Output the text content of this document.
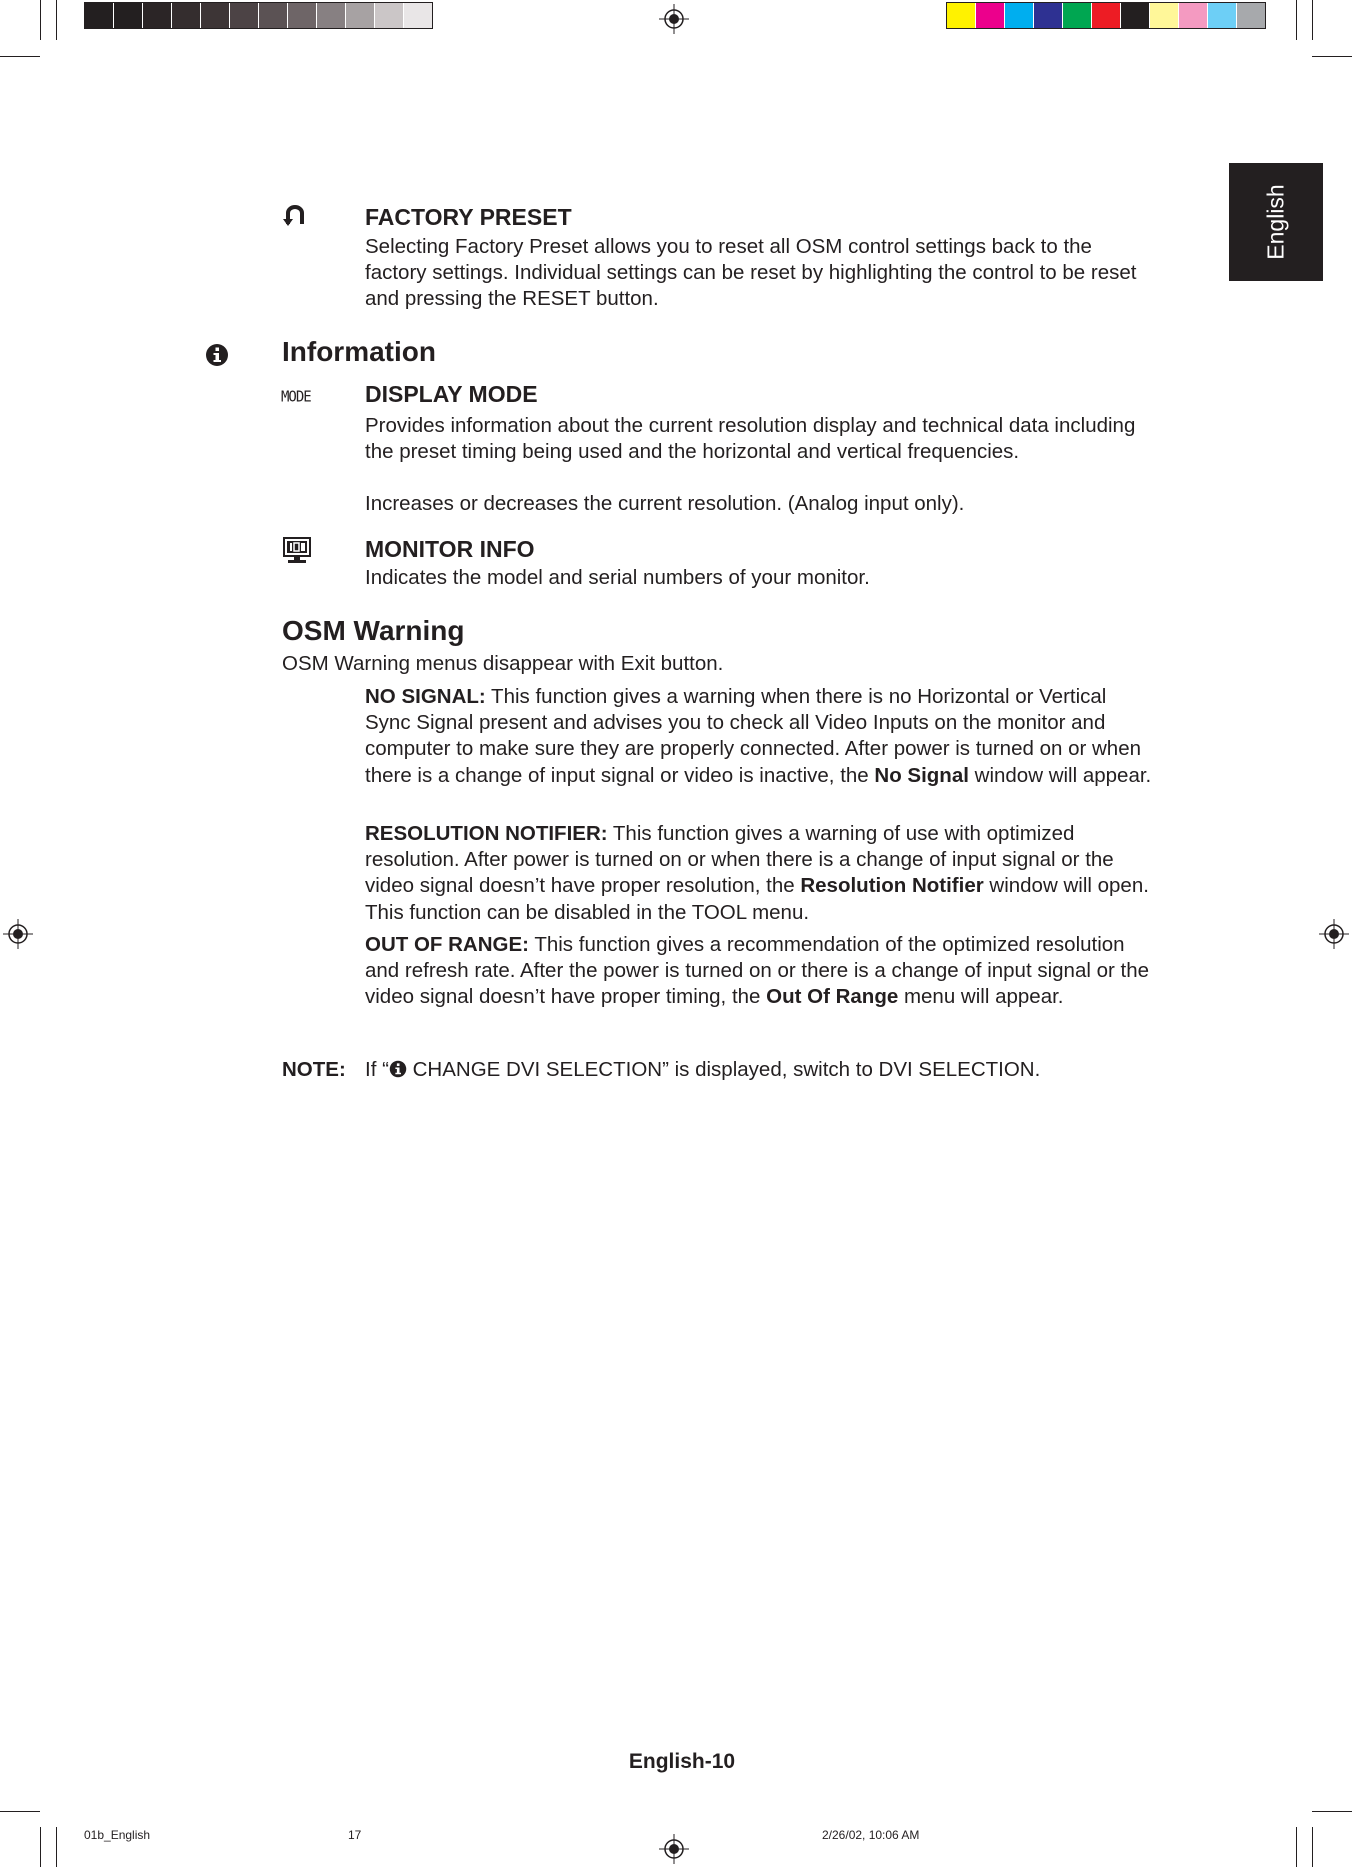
English
FACTORY PRESET
Selecting Factory Preset allows you to reset all OSM control settings back to the factory settings. Individual settings can be reset by highlighting the control to be reset and pressing the RESET button.
Information
MODE DISPLAY MODE
Provides information about the current resolution display and technical data including the preset timing being used and the horizontal and vertical frequencies.
Increases or decreases the current resolution. (Analog input only).
MONITOR INFO
Indicates the model and serial numbers of your monitor.
OSM Warning
OSM Warning menus disappear with Exit button.
NO SIGNAL: This function gives a warning when there is no Horizontal or Vertical Sync Signal present and advises you to check all Video Inputs on the monitor and computer to make sure they are properly connected. After power is turned on or when there is a change of input signal or video is inactive, the No Signal window will appear.
RESOLUTION NOTIFIER: This function gives a warning of use with optimized resolution. After power is turned on or when there is a change of input signal or the video signal doesn’t have proper resolution, the Resolution Notifier window will open. This function can be disabled in the TOOL menu.
OUT OF RANGE: This function gives a recommendation of the optimized resolution and refresh rate. After the power is turned on or there is a change of input signal or the video signal doesn’t have proper timing, the Out Of Range menu will appear.
NOTE: If “ CHANGE DVI SELECTION” is displayed, switch to DVI SELECTION.
English-10
01b_English	17	2/26/02, 10:06 AM
